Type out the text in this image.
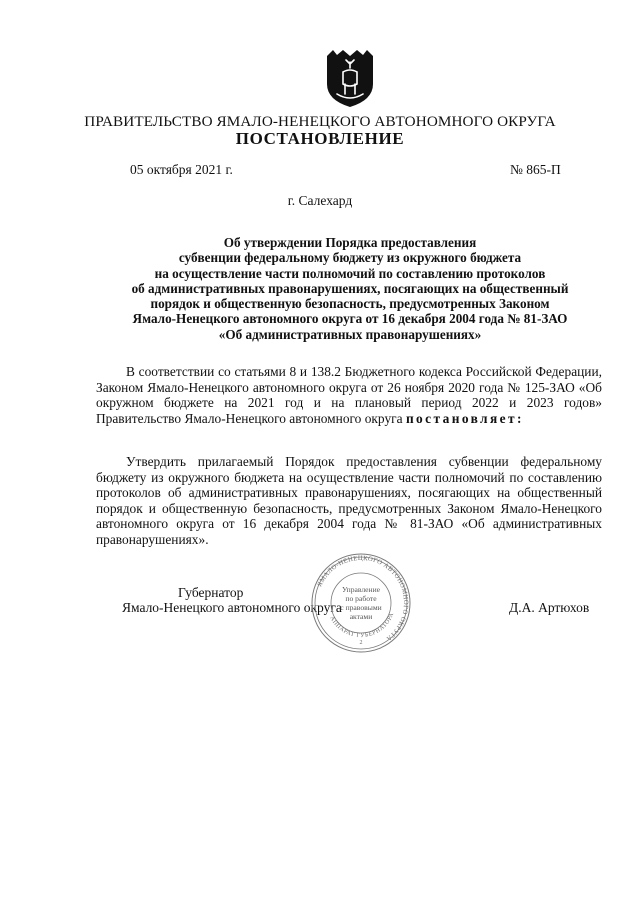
ПРАВИТЕЛЬСТВО ЯМАЛО-НЕНЕЦКОГО АВТОНОМНОГО ОКРУГА
ПОСТАНОВЛЕНИЕ
05 октября 2021 г.	№ 865-П
г. Салехард
Об утверждении Порядка предоставления
субвенции федеральному бюджету из окружного бюджета
на осуществление части полномочий по составлению протоколов
об административных правонарушениях, посягающих на общественный
порядок и общественную безопасность, предусмотренных Законом
Ямало-Ненецкого автономного округа от 16 декабря 2004 года № 81-ЗАО
«Об административных правонарушениях»
В соответствии со статьями 8 и 138.2 Бюджетного кодекса Российской Федерации, Законом Ямало-Ненецкого автономного округа от 26 ноября 2020 года № 125-ЗАО «Об окружном бюджете на 2021 год и на плановый период 2022 и 2023 годов» Правительство Ямало-Ненецкого автономного округа постановляет:
Утвердить прилагаемый Порядок предоставления субвенции федеральному бюджету из окружного бюджета на осуществление части полномочий по составлению протоколов об административных правонарушениях, посягающих на общественный порядок и общественную безопасность, предусмотренных Законом Ямало-Ненецкого автономного округа от 16 декабря 2004 года № 81-ЗАО «Об административных правонарушениях».
Губернатор
Ямало-Ненецкого автономного округа	Д.А. Артюхов
ЯМАЛО-НЕНЕЦКОГО АВТОНОМНОГО ОКРУГА
АППАРАТ ГУБЕРНАТОРА
Управление
по работе
с правовыми
актами
2
